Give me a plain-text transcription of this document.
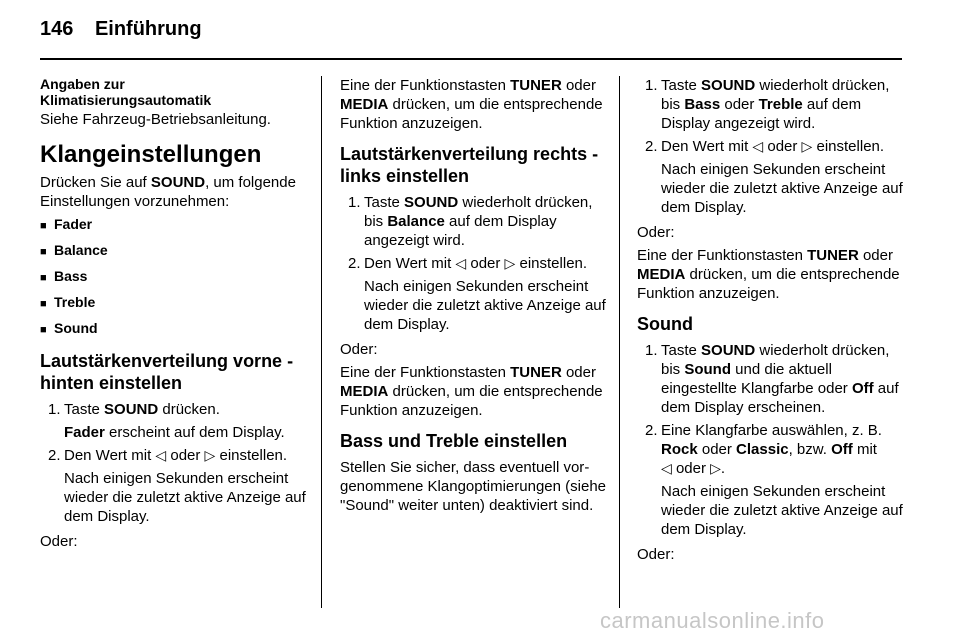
146 Einführung
Angaben zur
Klimatisierungsautomatik

Siehe Fahrzeug-Betriebsanleitung.

Klangeinstellungen

Drücken Sie auf SOUND, um folgende Einstellungen vorzunehmen:

■ Fader
■ Balance
■ Bass
■ Treble
■ Sound
Lautstärkenverteilung vorne - hinten einstellen
1. Taste SOUND drücken.

Fader erscheint auf dem Display.

2. Den Wert mit ◁ oder ▷ einstellen.

Nach einigen Sekunden erscheint wieder die zuletzt aktive Anzeige auf dem Display.

Oder:

Eine der Funktionstasten TUNER oder MEDIA drücken, um die entsprechende Funktion anzuzeigen.

Lautstärkenverteilung rechts - links einstellen
1. Taste SOUND wiederholt drücken, bis Balance auf dem Display angezeigt wird.

2. Den Wert mit ◁ oder ▷ einstellen.

Nach einigen Sekunden erscheint wieder die zuletzt aktive Anzeige auf dem Display.

Oder:

Eine der Funktionstasten TUNER oder MEDIA drücken, um die entsprechende Funktion anzuzeigen.

Bass und Treble einstellen

Stellen Sie sicher, dass eventuell vorgenommene Klangoptimierungen (siehe "Sound" weiter unten) deaktiviert sind.

1. Taste SOUND wiederholt drücken, bis Bass oder Treble auf dem Display angezeigt wird.

2. Den Wert mit ◁ oder ▷ einstellen.

Nach einigen Sekunden erscheint wieder die zuletzt aktive Anzeige auf dem Display.

Oder:

Eine der Funktionstasten TUNER oder MEDIA drücken, um die entsprechende Funktion anzuzeigen.

Sound
1. Taste SOUND wiederholt drücken, bis Sound und die aktuell eingestellte Klangfarbe oder Off auf dem Display erscheinen.

2. Eine Klangfarbe auswählen, z. B. Rock oder Classic, bzw. Off mit
◁ oder ▷.

Nach einigen Sekunden erscheint wieder die zuletzt aktive Anzeige auf dem Display.

Oder:

carmanualsonline.info
